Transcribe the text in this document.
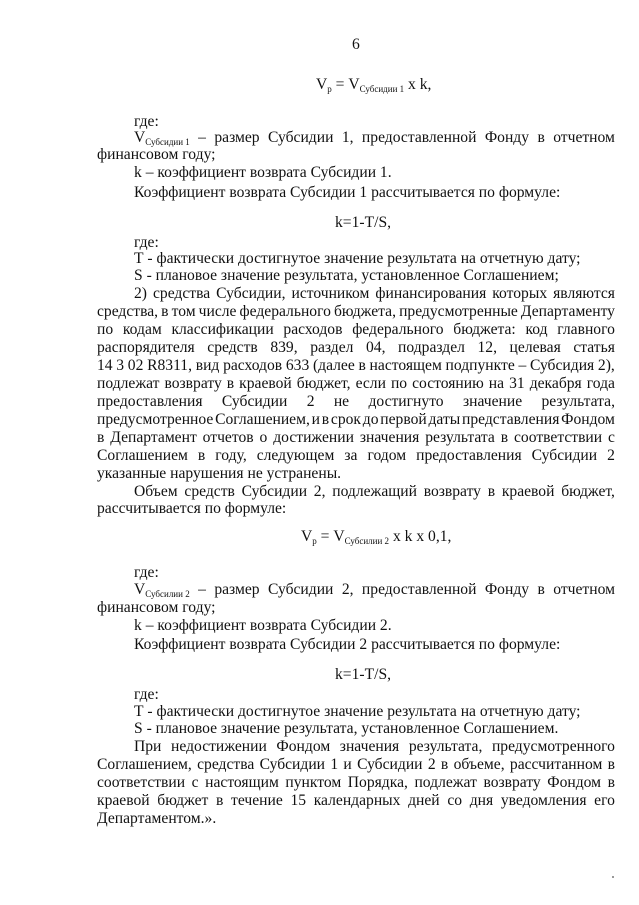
6
$V_р = V_{Субсидии 1}$ x k,
где:
$V_{Субсидии 1}$ – размер Субсидии 1, предоставленной Фонду в отчетном
финансовом году;
k – коэффициент возврата Субсидии 1.
Коэффициент возврата Субсидии 1 рассчитывается по формуле:
k=1-T/S,
где:
Т - фактически достигнутое значение результата на отчетную дату;
S - плановое значение результата, установленное Соглашением;
2) средства Субсидии, источником финансирования которых являются
средства, в том числе федерального бюджета, предусмотренные Департаменту
по кодам классификации расходов федерального бюджета: код главного
распорядителя средств 839, раздел 04, подраздел 12, целевая статья
14 3 02 R8311, вид расходов 633 (далее в настоящем подпункте – Субсидия 2),
подлежат возврату в краевой бюджет, если по состоянию на 31 декабря года
предоставления Субсидии 2 не достигнуто значение результата,
предусмотренное Соглашением, и в срок до первой даты представления Фондом
в Департамент отчетов о достижении значения результата в соответствии с
Соглашением в году, следующем за годом предоставления Субсидии 2
указанные нарушения не устранены.
Объем средств Субсидии 2, подлежащий возврату в краевой бюджет,
рассчитывается по формуле:
$V_р = V_{Субсилии 2}$ x k x 0,1,
где:
$V_{Субсилии 2}$ – размер Субсидии 2, предоставленной Фонду в отчетном
финансовом году;
k – коэффициент возврата Субсидии 2.
Коэффициент возврата Субсидии 2 рассчитывается по формуле:
k=1-T/S,
где:
Т - фактически достигнутое значение результата на отчетную дату;
S - плановое значение результата, установленное Соглашением.
При недостижении Фондом значения результата, предусмотренного
Соглашением, средства Субсидии 1 и Субсидии 2 в объеме, рассчитанном в
соответствии с настоящим пунктом Порядка, подлежат возврату Фондом в
краевой бюджет в течение 15 календарных дней со дня уведомления его
Департаментом.».
